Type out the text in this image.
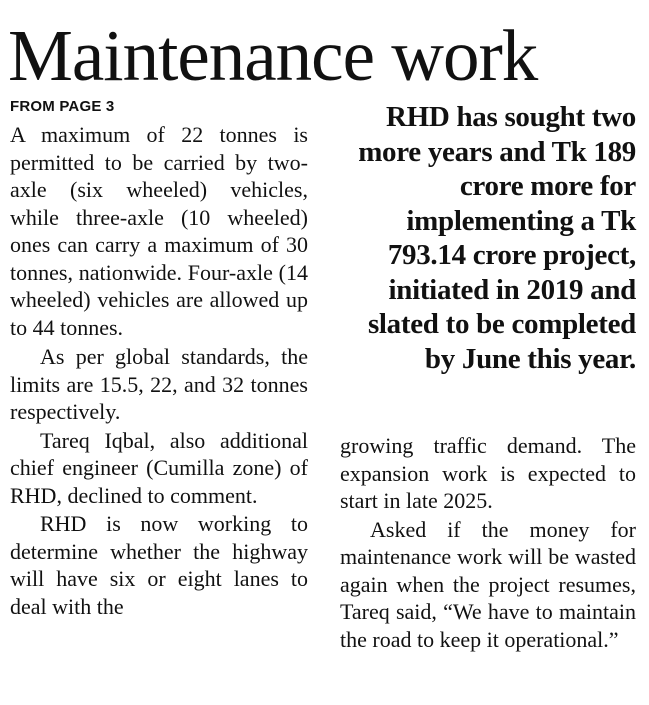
Maintenance work
FROM PAGE 3

A maximum of 22 tonnes is permitted to be carried by two-axle (six wheeled) vehicles, while three-axle (10 wheeled) ones can carry a maximum of 30 tonnes, nationwide. Four-axle (14 wheeled) vehicles are allowed up to 44 tonnes.

As per global standards, the limits are 15.5, 22, and 32 tonnes respectively.

Tareq Iqbal, also additional chief engineer (Cumilla zone) of RHD, declined to comment.

RHD is now working to determine whether the highway will have six or eight lanes to deal with the

RHD has sought two more years and Tk 189 crore more for implementing a Tk 793.14 crore project, initiated in 2019 and slated to be completed by June this year.

growing traffic demand. The expansion work is expected to start in late 2025.

Asked if the money for maintenance work will be wasted again when the project resumes, Tareq said, “We have to maintain the road to keep it operational.”
